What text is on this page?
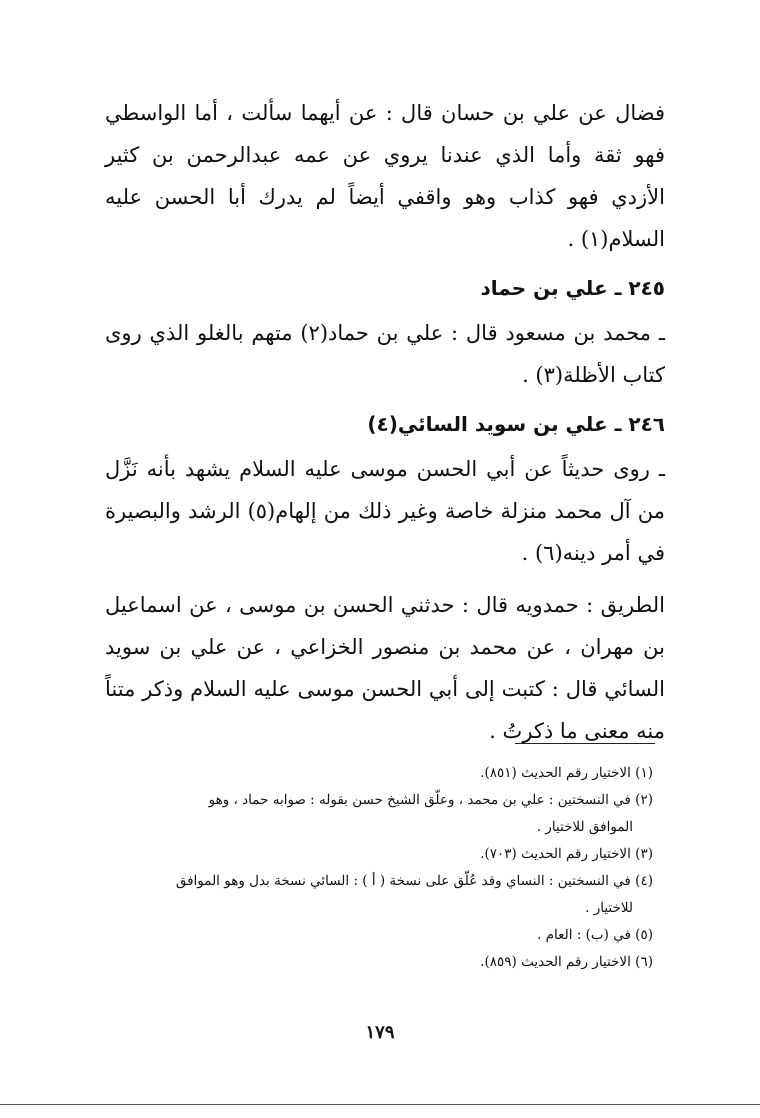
فضال عن علي بن حسان قال : عن أيهما سألت ، أما الواسطي فهو ثقة وأما الذي عندنا يروي عن عمه عبدالرحمن بن كثير الأزدي فهو كذاب وهو واقفي أيضاً لم يدرك أبا الحسن عليه السلام(١) .

٢٤٥ ـ علي بن حماد

ـ محمد بن مسعود قال : علي بن حماد(٢) متهم بالغلو الذي روى كتاب الأظلة(٣) .

٢٤٦ ـ علي بن سويد السائي(٤)

ـ روى حديثاً عن أبي الحسن موسى عليه السلام يشهد بأنه نَزَّل من آل محمد منزلة خاصة وغير ذلك من إلهام(٥) الرشد والبصيرة في أمر دينه(٦) .

الطريق : حمدويه قال : حدثني الحسن بن موسى ، عن اسماعيل بن مهران ، عن محمد بن منصور الخزاعي ، عن علي بن سويد السائي قال : كتبت إلى أبي الحسن موسى عليه السلام وذكر متناً منه معنى ما ذكرتُ .

(١) الاختيار رقم الحديث (٨٥١).

(٢) في النسختين : علي بن محمد ، وعلّق الشيخ حسن بقوله : صوابه حماد ، وهو

الموافق للاختيار .

(٣) الاختيار رقم الحديث (٧٠٣).

(٤) في النسختين : النساي وقد عُلّق على نسخة ( أ ) : السائي نسخة بدل وهو الموافق

للاختيار .

(٥) في (ب) : العام .

(٦) الاختيار رقم الحديث (٨٥٩).

١٧٩
